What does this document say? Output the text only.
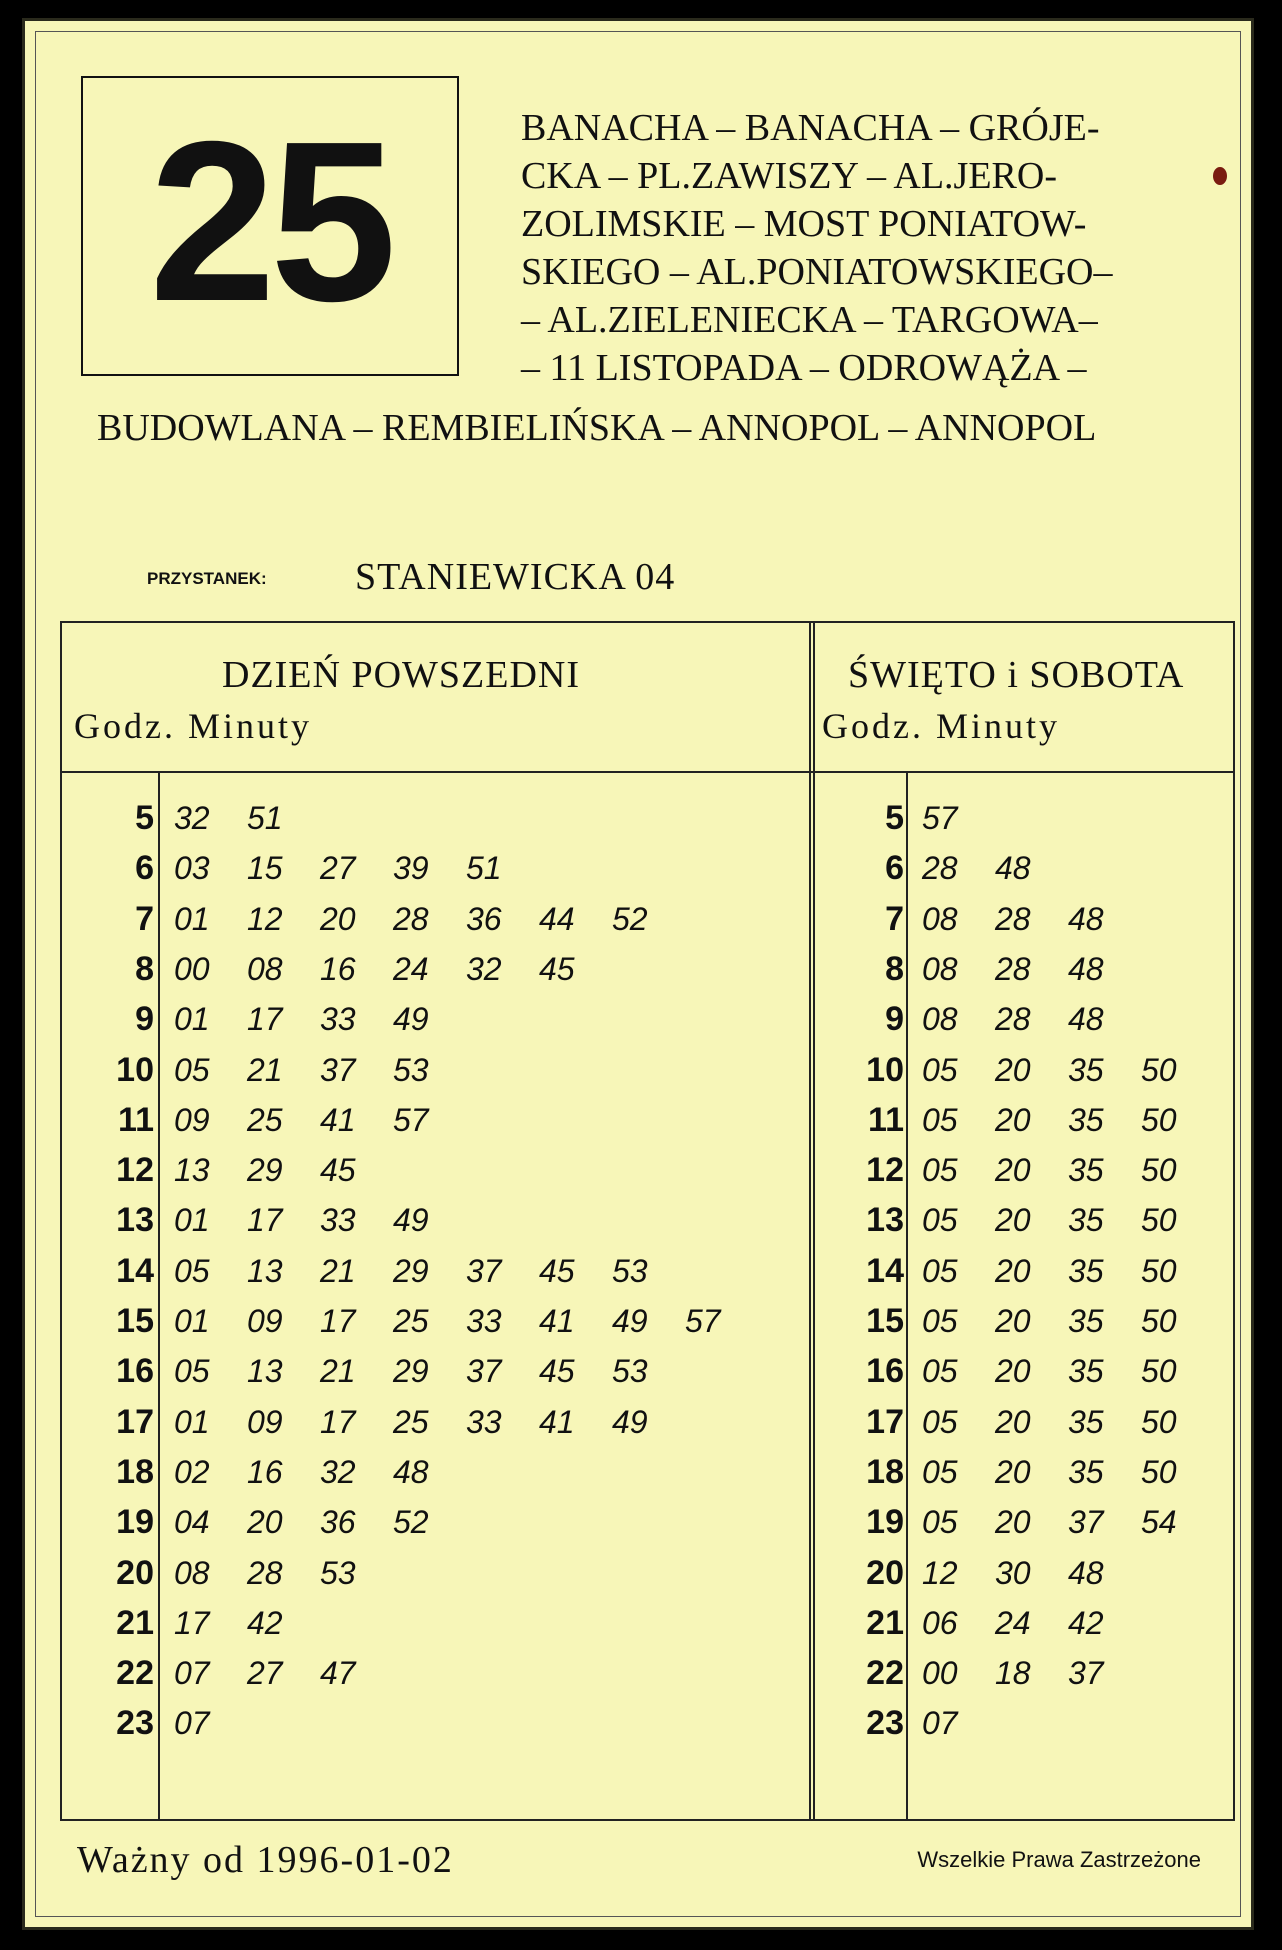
25	BANACHA – BANACHA – GRÓJE-
CKA – PL.ZAWISZY – AL.JERO-
ZOLIMSKIE – MOST PONIATOW-
SKIEGO – AL.PONIATOWSKIEGO–
– AL.ZIELENIECKA – TARGOWA–
– 11 LISTOPADA – ODROWĄŻA –
BUDOWLANA – REMBIELIŃSKA – ANNOPOL – ANNOPOL
PRZYSTANEK: STANIEWICKA 04
DZIEŃ POWSZEDNI
Godz. Minuty
ŚWIĘTO i SOBOTA
Godz. Minuty
5 32 51
6 03 15 27 39 51
7 01 12 20 28 36 44 52
8 00 08 16 24 32 45
9 01 17 33 49
10 05 21 37 53
11 09 25 41 57
12 13 29 45
13 01 17 33 49
14 05 13 21 29 37 45 53
15 01 09 17 25 33 41 49 57
16 05 13 21 29 37 45 53
17 01 09 17 25 33 41 49
18 02 16 32 48
19 04 20 36 52
20 08 28 53
21 17 42
22 07 27 47
23 07
5 57
6 28 48
7 08 28 48
8 08 28 48
9 08 28 48
10 05 20 35 50
11 05 20 35 50
12 05 20 35 50
13 05 20 35 50
14 05 20 35 50
15 05 20 35 50
16 05 20 35 50
17 05 20 35 50
18 05 20 35 50
19 05 20 37 54
20 12 30 48
21 06 24 42
22 00 18 37
23 07
Ważny od 1996-01-02	Wszelkie Prawa Zastrzeżone
